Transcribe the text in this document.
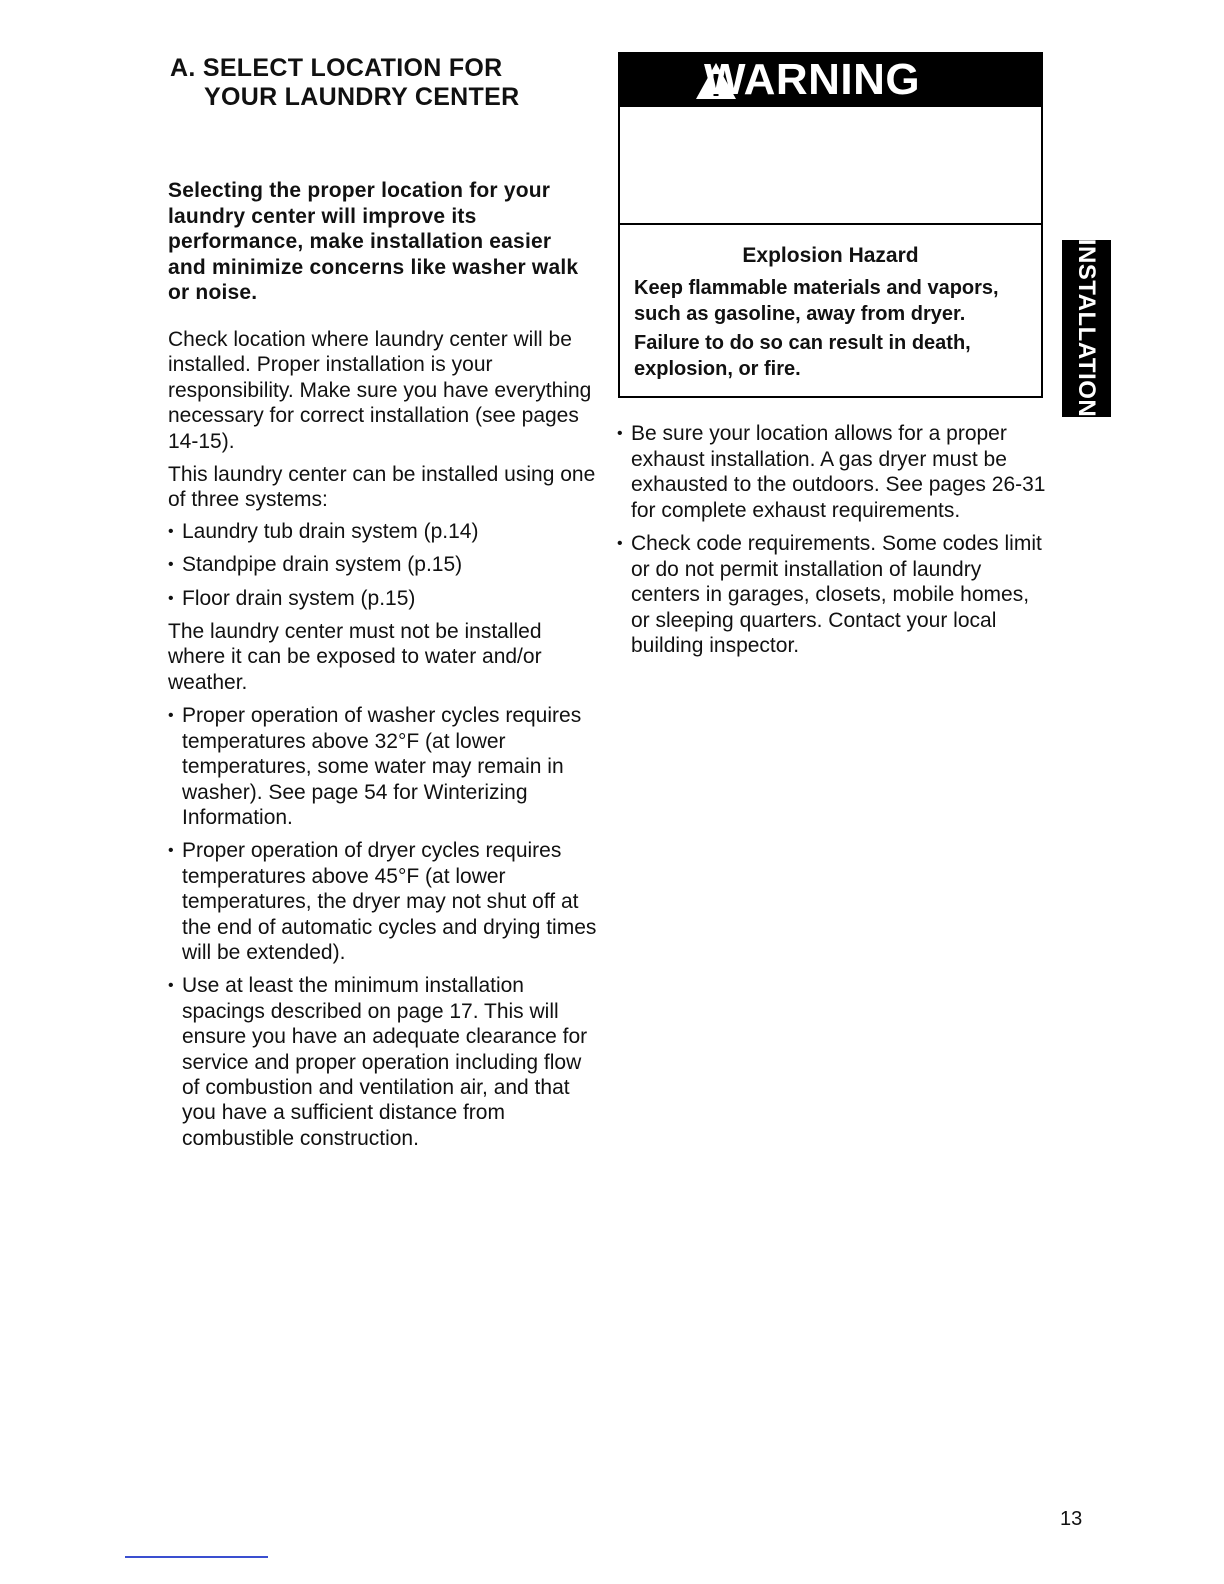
A. SELECT LOCATION FOR
YOUR LAUNDRY CENTER

Selecting the proper location for your laundry center will improve its performance, make installation easier and minimize concerns like washer walk or noise.

Check location where laundry center will be installed. Proper installation is your responsibility. Make sure you have everything necessary for correct installation (see pages 14-15).

This laundry center can be installed using one of three systems:

• Laundry tub drain system (p.14)
• Standpipe drain system (p.15)
• Floor drain system (p.15)

The laundry center must not be installed where it can be exposed to water and/or weather.

• Proper operation of washer cycles requires temperatures above 32°F (at lower temperatures, some water may remain in washer). See page 54 for Winterizing Information.
• Proper operation of dryer cycles requires temperatures above 45°F (at lower temperatures, the dryer may not shut off at the end of automatic cycles and drying times will be extended).
• Use at least the minimum installation spacings described on page 17. This will ensure you have an adequate clearance for service and proper operation including flow of combustion and ventilation air, and that you have a sufficient distance from combustible construction.
WARNING
Explosion Hazard

Keep flammable materials and vapors, such as gasoline, away from dryer.

Failure to do so can result in death, explosion, or fire.

• Be sure your location allows for a proper exhaust installation. A gas dryer must be exhausted to the outdoors. See pages 26-31 for complete exhaust requirements.
• Check code requirements. Some codes limit or do not permit installation of laundry centers in garages, closets, mobile homes, or sleeping quarters. Contact your local building inspector.
INSTALLATION
13
